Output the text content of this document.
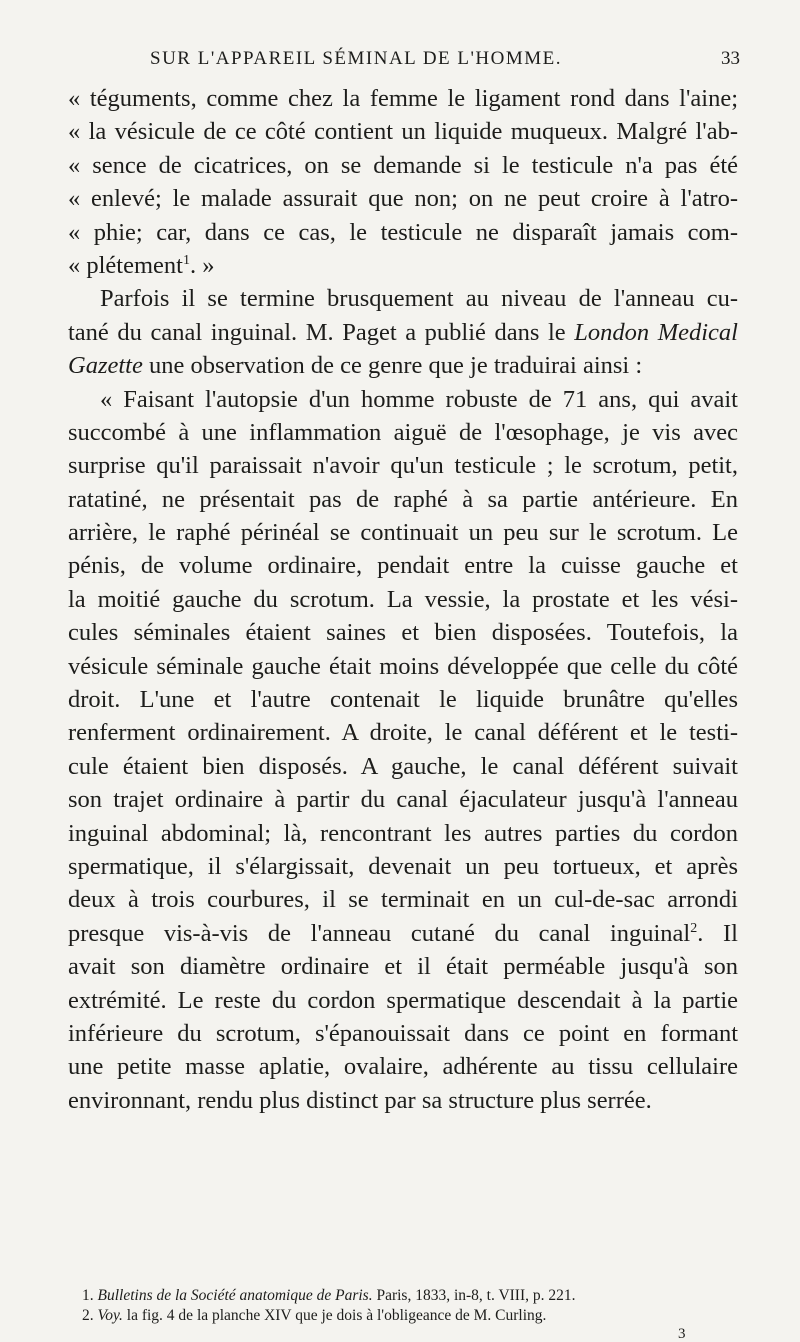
SUR L'APPAREIL SÉMINAL DE L'HOMME.	33
« téguments, comme chez la femme le ligament rond dans l'aine;
« la vésicule de ce côté contient un liquide muqueux. Malgré l'ab-
« sence de cicatrices, on se demande si le testicule n'a pas été
« enlevé; le malade assurait que non; on ne peut croire à l'atro-
« phie; car, dans ce cas, le testicule ne disparaît jamais com-
« plétement$^1$. »
Parfois il se termine brusquement au niveau de l'anneau cu-
tané du canal inguinal. M. Paget a publié dans le London Medical
Gazette une observation de ce genre que je traduirai ainsi :
« Faisant l'autopsie d'un homme robuste de 71 ans, qui avait
succombé à une inflammation aiguë de l'œsophage, je vis avec
surprise qu'il paraissait n'avoir qu'un testicule ; le scrotum, petit,
ratatiné, ne présentait pas de raphé à sa partie antérieure. En
arrière, le raphé périnéal se continuait un peu sur le scrotum. Le
pénis, de volume ordinaire, pendait entre la cuisse gauche et
la moitié gauche du scrotum. La vessie, la prostate et les vési-
cules séminales étaient saines et bien disposées. Toutefois, la
vésicule séminale gauche était moins développée que celle du côté
droit. L'une et l'autre contenait le liquide brunâtre qu'elles
renferment ordinairement. A droite, le canal déférent et le testi-
cule étaient bien disposés. A gauche, le canal déférent suivait
son trajet ordinaire à partir du canal éjaculateur jusqu'à l'anneau
inguinal abdominal; là, rencontrant les autres parties du cordon
spermatique, il s'élargissait, devenait un peu tortueux, et après
deux à trois courbures, il se terminait en un cul-de-sac arrondi
presque vis-à-vis de l'anneau cutané du canal inguinal$^2$. Il
avait son diamètre ordinaire et il était perméable jusqu'à son
extrémité. Le reste du cordon spermatique descendait à la partie
inférieure du scrotum, s'épanouissait dans ce point en formant
une petite masse aplatie, ovalaire, adhérente au tissu cellulaire
environnant, rendu plus distinct par sa structure plus serrée.
1. Bulletins de la Société anatomique de Paris. Paris, 1833, in-8, t. VIII, p. 221.
2. Voy. la fig. 4 de la planche XIV que je dois à l'obligeance de M. Curling.
3
